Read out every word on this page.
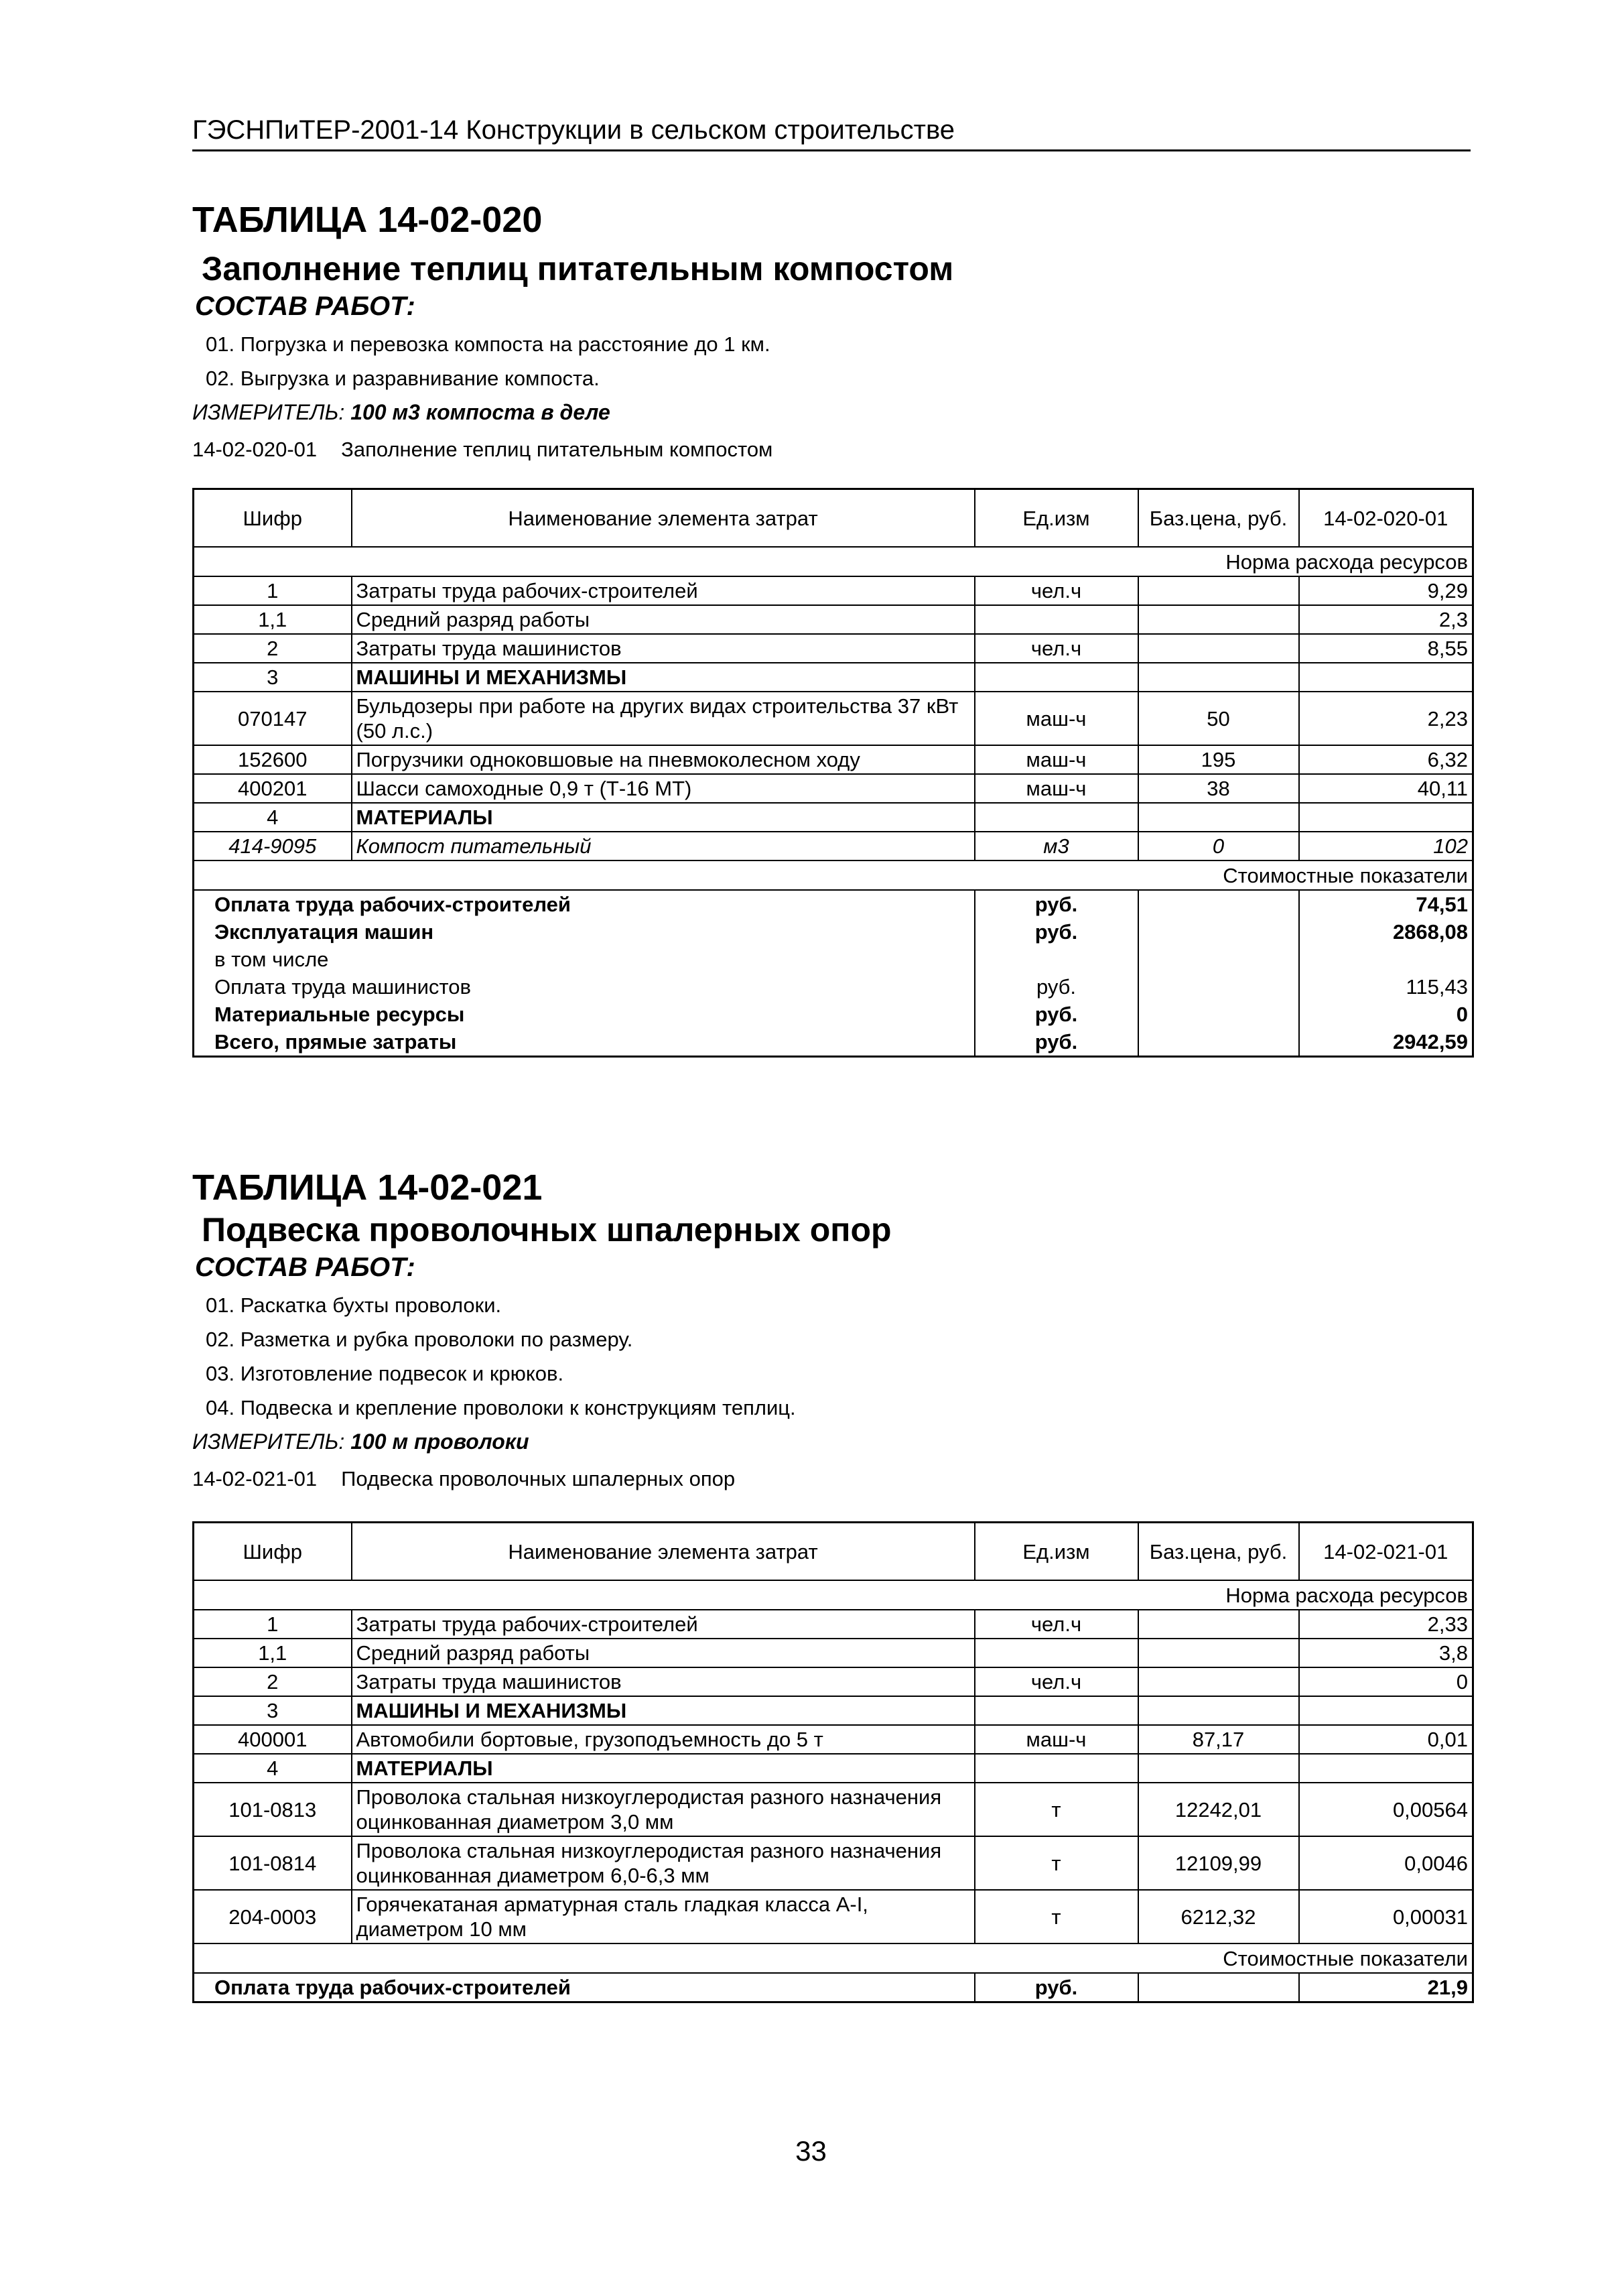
ГЭСНПиТЕР-2001-14 Конструкции в сельском строительстве
ТАБЛИЦА 14-02-020
Заполнение теплиц питательным компостом
СОСТАВ РАБОТ:
01. Погрузка и перевозка компоста на расстояние до 1 км.
02. Выгрузка и разравнивание компоста.
ИЗМЕРИТЕЛЬ: 100 м3 компоста в деле
14-02-020-01 Заполнение теплиц питательным компостом
Шифр	Наименование элемента затрат	Ед.изм	Баз.цена, руб.	14-02-020-01
Норма расхода ресурсов				
1	Затраты труда рабочих-строителей	чел.ч		9,29
1,1	Средний разряд работы			2,3
2	Затраты труда машинистов	чел.ч		8,55
3	МАШИНЫ И МЕХАНИЗМЫ			
070147	Бульдозеры при работе на других видах строительства 37 кВт (50 л.с.)	маш-ч	50	2,23
152600	Погрузчики одноковшовые на пневмоколесном ходу	маш-ч	195	6,32
400201	Шасси самоходные 0,9 т (Т-16 МТ)	маш-ч	38	40,11
4	МАТЕРИАЛЫ			
414-9095	Компост питательный	м3	0	102
Стоимостные показатели				
Оплата труда рабочих-строителей		руб.		74,51
Эксплуатация машин		руб.		2868,08
в том числе				
Оплата труда машинистов		руб.		115,43
Материальные ресурсы		руб.		0
Всего, прямые затраты		руб.		2942,59
ТАБЛИЦА 14-02-021
Подвеска проволочных шпалерных опор
СОСТАВ РАБОТ:
01. Раскатка бухты проволоки.
02. Разметка и рубка проволоки по размеру.
03. Изготовление подвесок и крюков.
04. Подвеска и крепление проволоки к конструкциям теплиц.
ИЗМЕРИТЕЛЬ: 100 м проволоки
14-02-021-01 Подвеска проволочных шпалерных опор
Шифр	Наименование элемента затрат	Ед.изм	Баз.цена, руб.	14-02-021-01
Норма расхода ресурсов				
1	Затраты труда рабочих-строителей	чел.ч		2,33
1,1	Средний разряд работы			3,8
2	Затраты труда машинистов	чел.ч		0
3	МАШИНЫ И МЕХАНИЗМЫ			
400001	Автомобили бортовые, грузоподъемность до 5 т	маш-ч	87,17	0,01
4	МАТЕРИАЛЫ			
101-0813	Проволока стальная низкоуглеродистая разного назначения оцинкованная диаметром 3,0 мм	т	12242,01	0,00564
101-0814	Проволока стальная низкоуглеродистая разного назначения оцинкованная диаметром 6,0-6,3 мм	т	12109,99	0,0046
204-0003	Горячекатаная арматурная сталь гладкая класса А-I, диаметром 10 мм	т	6212,32	0,00031
Стоимостные показатели				
Оплата труда рабочих-строителей		руб.		21,9
33
